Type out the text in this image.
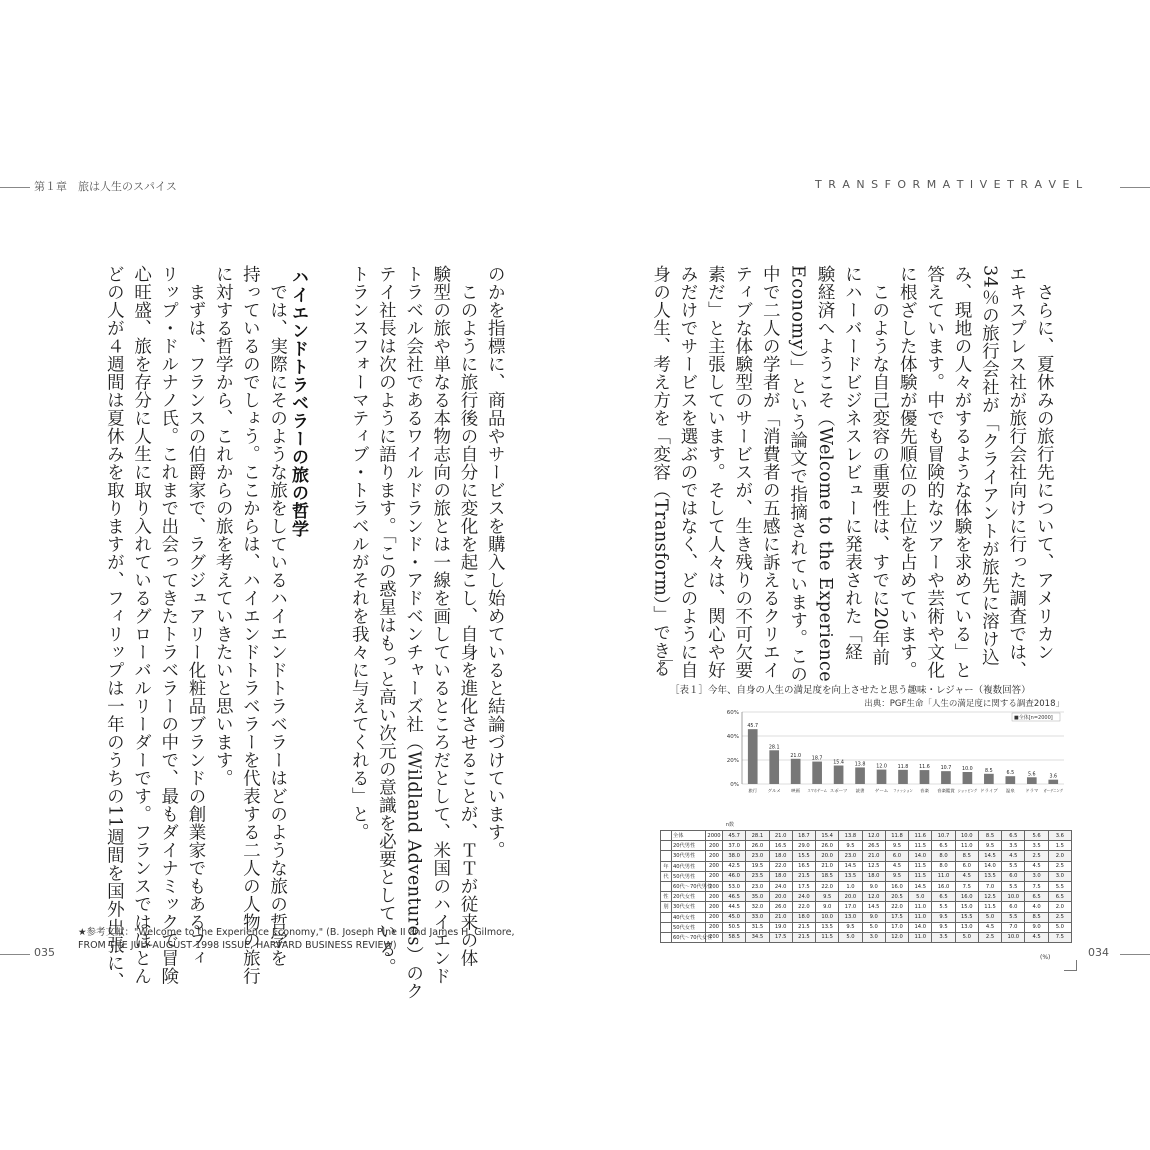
第１章　旅は人生のスパイス
のかを指標に、商品やサービスを購入し始めていると結論づけています。
　このように旅行後の自分に変化を起こし、自身を進化させることが、ＴＴが従来の体
験型の旅や単なる本物志向の旅とは一線を画しているところだとして、米国のハイエンド
トラベル会社であるワイルドランド・アドベンチャーズ社（Wildland Adventures）のク
テイ社長は次のように語ります。「この惑星はもっと高い次元の意識を必要としている。
トランスフォーマティブ・トラベルがそれを我々に与えてくれる」と。
　では、実際にそのような旅をしているハイエンドトラベラーはどのような旅の哲学を
持っているのでしょう。ここからは、ハイエンドトラベラーを代表する二人の人物の旅行
に対する哲学から、これからの旅を考えていきたいと思います。
　まずは、フランスの伯爵家で、ラグジュアリー化粧品ブランドの創業家でもあるフィ
リップ・ドルナノ氏。これまで出会ってきたトラベラーの中で、最もダイナミックで冒険
心旺盛、旅を存分に人生に取り入れているグローバルリーダーです。フランスではほとん
どの人が４週間は夏休みを取りますが、フィリップは一年のうちの11週間を国外出張に、	ハイエンドトラベラーの旅の哲学
★参考文献："Welcome to the Experience Economy," (B. Joseph Pine II and James H. Gilmore, FROM THE JULY-AUGUST 1998 ISSUE, HARVARD BUSINESS REVIEW)
035
T R A N S F O R M A T I V E T R A V E L
　さらに、夏休みの旅行先について、アメリカン
エキスプレス社が旅行会社向けに行った調査では、
34％の旅行会社が「クライアントが旅先に溶け込
み、現地の人々がするような体験を求めている」と
答えています。中でも冒険的なツアーや芸術や文化
に根ざした体験が優先順位の上位を占めています。
　このような自己変容の重要性は、すでに20年前
にハーバードビジネスレビューに発表された「経
験経済へようこそ（Welcome to the Experience
Economy）」という論文で指摘されています。この
中で二人の学者が「消費者の五感に訴えるクリエイ
ティブな体験型のサービスが、生き残りの不可欠要
素だ」と主張しています。そして人々は、関心や好
みだけでサービスを選ぶのではなく、どのように自
身の人生、考え方を「変容（Transform）」できる
034
［表１］今年、自身の人生の満足度を向上させたと思う趣味・レジャー（複数回答）
出典：PGF生命「人生の満足度に関する調査2018」
60%
40%
20%
0%
■全体[n=2000]
45.7
旅行
28.1
グルメ
21.0
映画
18.7
スマホゲーム
15.4
スポーツ
13.8
読書
12.0
ゲーム
11.8
ファッション
11.6
音楽
10.7
音楽鑑賞
10.0
ショッピング
8.5
ドライブ
6.5
温泉
5.6
ドラマ
3.6
ガーデニング
n数
	全体	2000	45.7	28.1	21.0	18.7	15.4	13.8	12.0	11.8	11.6	10.7	10.0	8.5	6.5	5.6	3.6
	20代男性	200	37.0	26.0	16.5	29.0	26.0	9.5	26.5	9.5	11.5	6.5	11.0	9.5	3.5	3.5	1.5
	30代男性	200	38.0	23.0	18.0	15.5	20.0	23.0	21.0	6.0	14.0	8.0	8.5	14.5	4.5	2.5	2.0
年	40代男性	200	42.5	19.5	22.0	16.5	21.0	14.5	12.5	4.5	11.5	8.0	6.0	14.0	5.5	4.5	2.5
代	50代男性	200	46.0	23.5	18.0	21.5	18.5	13.5	18.0	9.5	11.5	11.0	4.5	13.5	6.0	3.0	3.0
	60代～70代男性	200	53.0	23.0	24.0	17.5	22.0	1.0	9.0	16.0	14.5	16.0	7.5	7.0	5.5	7.5	5.5
性	20代女性	200	46.5	35.0	20.0	24.0	9.5	20.0	12.0	20.5	5.0	6.5	16.0	12.5	10.0	6.5	6.5
別	30代女性	200	44.5	32.0	26.0	22.0	9.0	17.0	14.5	22.0	11.0	5.5	15.0	11.5	6.0	4.0	2.0
	40代女性	200	45.0	33.0	21.0	18.0	10.0	13.0	9.0	17.5	11.0	9.5	15.5	5.0	5.5	8.5	2.5
	50代女性	200	50.5	31.5	19.0	21.5	13.5	9.5	5.0	17.0	14.0	9.5	13.0	4.5	7.0	9.0	5.0
	60代～70代女性	200	58.5	34.5	17.5	21.5	11.5	5.0	3.0	12.0	11.0	3.5	5.0	2.5	10.0	4.5	7.5
(%)
